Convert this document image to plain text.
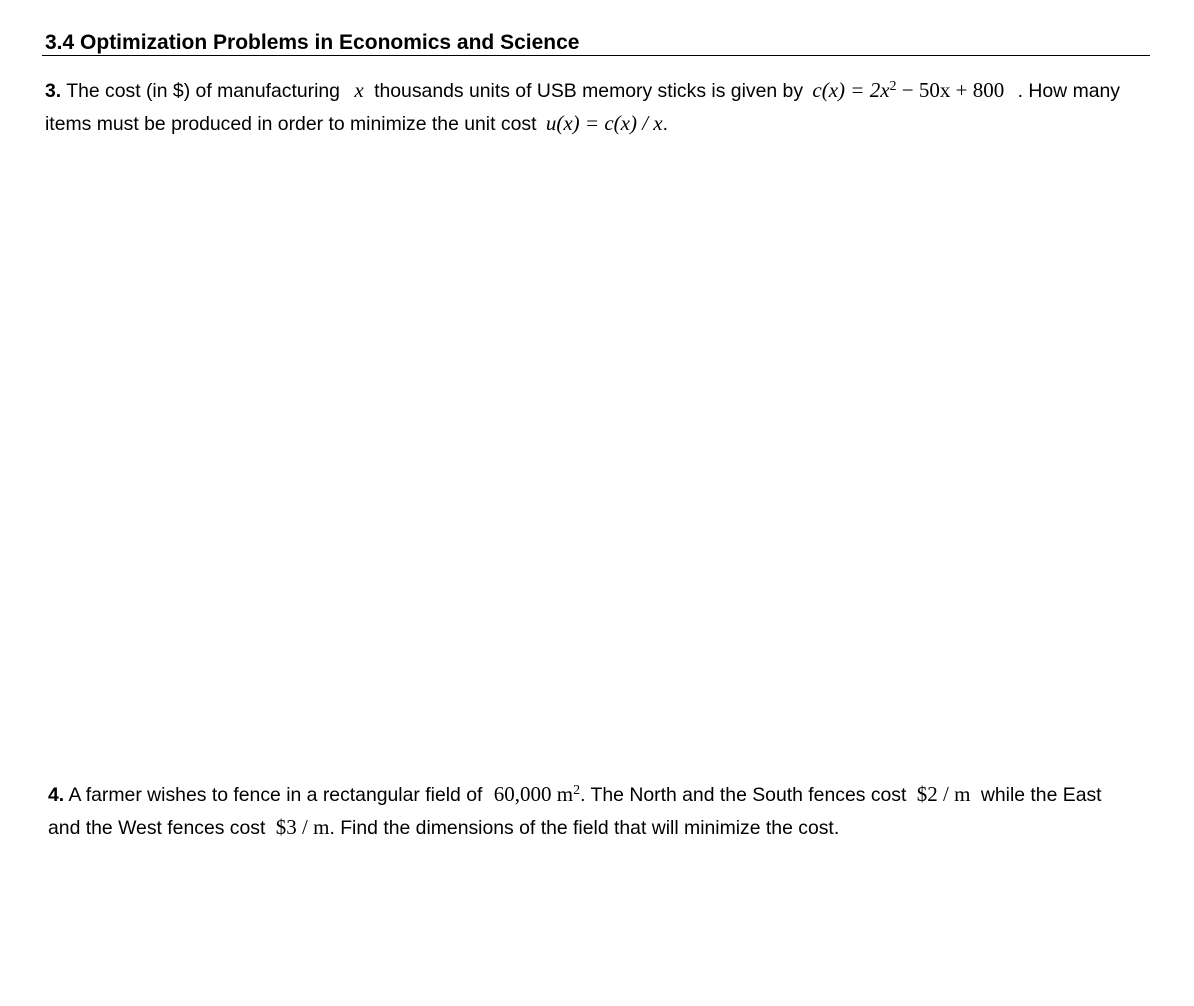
3.4 Optimization Problems in Economics and Science
3. The cost (in $) of manufacturing x thousands units of USB memory sticks is given by $c(x) = 2x^2 - 50x + 800$ . How many
items must be produced in order to minimize the unit cost u(x) = c(x) / x.
4. A farmer wishes to fence in a rectangular field of 60,000 $m^2$. The North and the South fences cost $2 / m while the East
and the West fences cost $3 / m. Find the dimensions of the field that will minimize the cost.
